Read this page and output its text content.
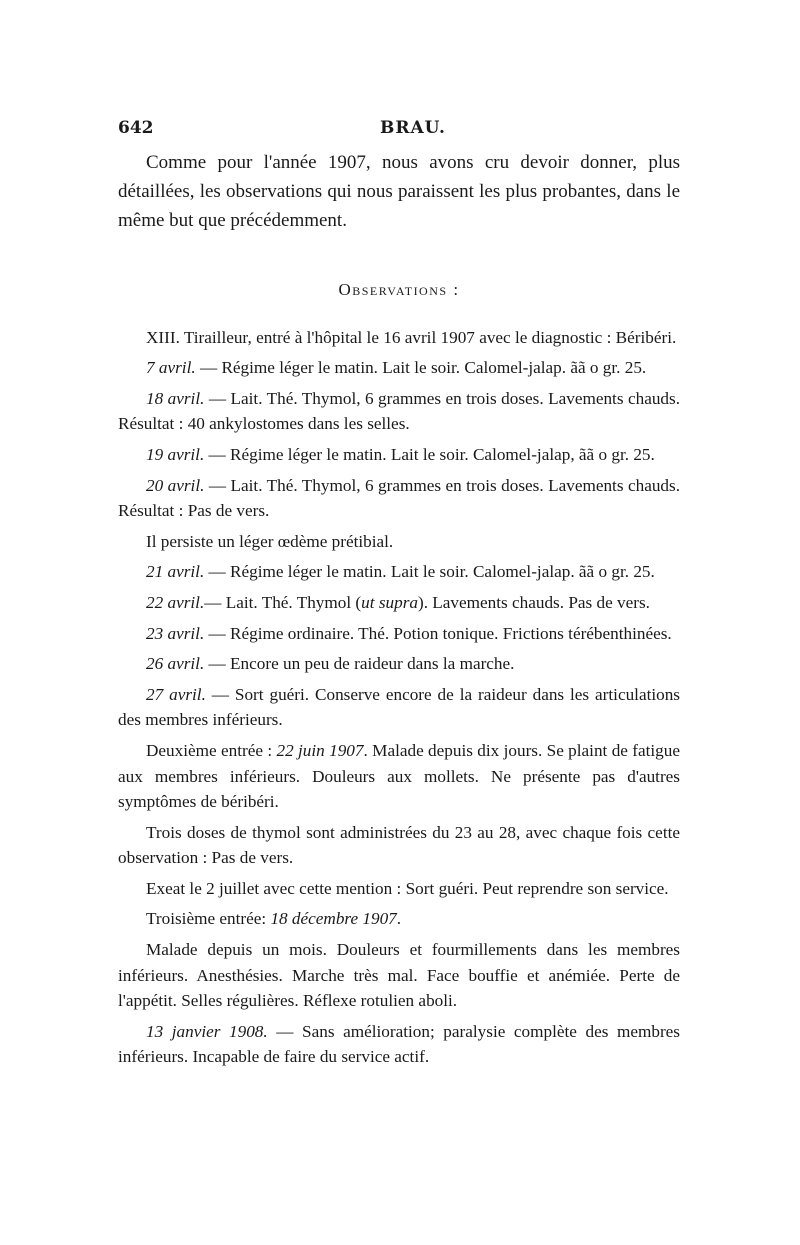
642	BRAU.

Comme pour l'année 1907, nous avons cru devoir donner, plus détaillées, les observations qui nous paraissent les plus probantes, dans le même but que précédemment.

Observations :

XIII. Tirailleur, entré à l'hôpital le 16 avril 1907 avec le diagnostic : Béribéri.

7 avril. — Régime léger le matin. Lait le soir. Calomel-jalap. ãã o gr. 25.

18 avril. — Lait. Thé. Thymol, 6 grammes en trois doses. Lavements chauds. Résultat : 40 ankylostomes dans les selles.

19 avril. — Régime léger le matin. Lait le soir. Calomel-jalap, ãã o gr. 25.

20 avril. — Lait. Thé. Thymol, 6 grammes en trois doses. Lavements chauds. Résultat : Pas de vers.

Il persiste un léger œdème prétibial.

21 avril. — Régime léger le matin. Lait le soir. Calomel-jalap. ãã o gr. 25.

22 avril.— Lait. Thé. Thymol (ut supra). Lavements chauds. Pas de vers.

23 avril. — Régime ordinaire. Thé. Potion tonique. Frictions térébenthinées.

26 avril. — Encore un peu de raideur dans la marche.

27 avril. — Sort guéri. Conserve encore de la raideur dans les articulations des membres inférieurs.

Deuxième entrée : 22 juin 1907. Malade depuis dix jours. Se plaint de fatigue aux membres inférieurs. Douleurs aux mollets. Ne présente pas d'autres symptômes de béribéri.

Trois doses de thymol sont administrées du 23 au 28, avec chaque fois cette observation : Pas de vers.

Exeat le 2 juillet avec cette mention : Sort guéri. Peut reprendre son service.

Troisième entrée: 18 décembre 1907.

Malade depuis un mois. Douleurs et fourmillements dans les membres inférieurs. Anesthésies. Marche très mal. Face bouffie et anémiée. Perte de l'appétit. Selles régulières. Réflexe rotulien aboli.

13 janvier 1908. — Sans amélioration; paralysie complète des membres inférieurs. Incapable de faire du service actif.
